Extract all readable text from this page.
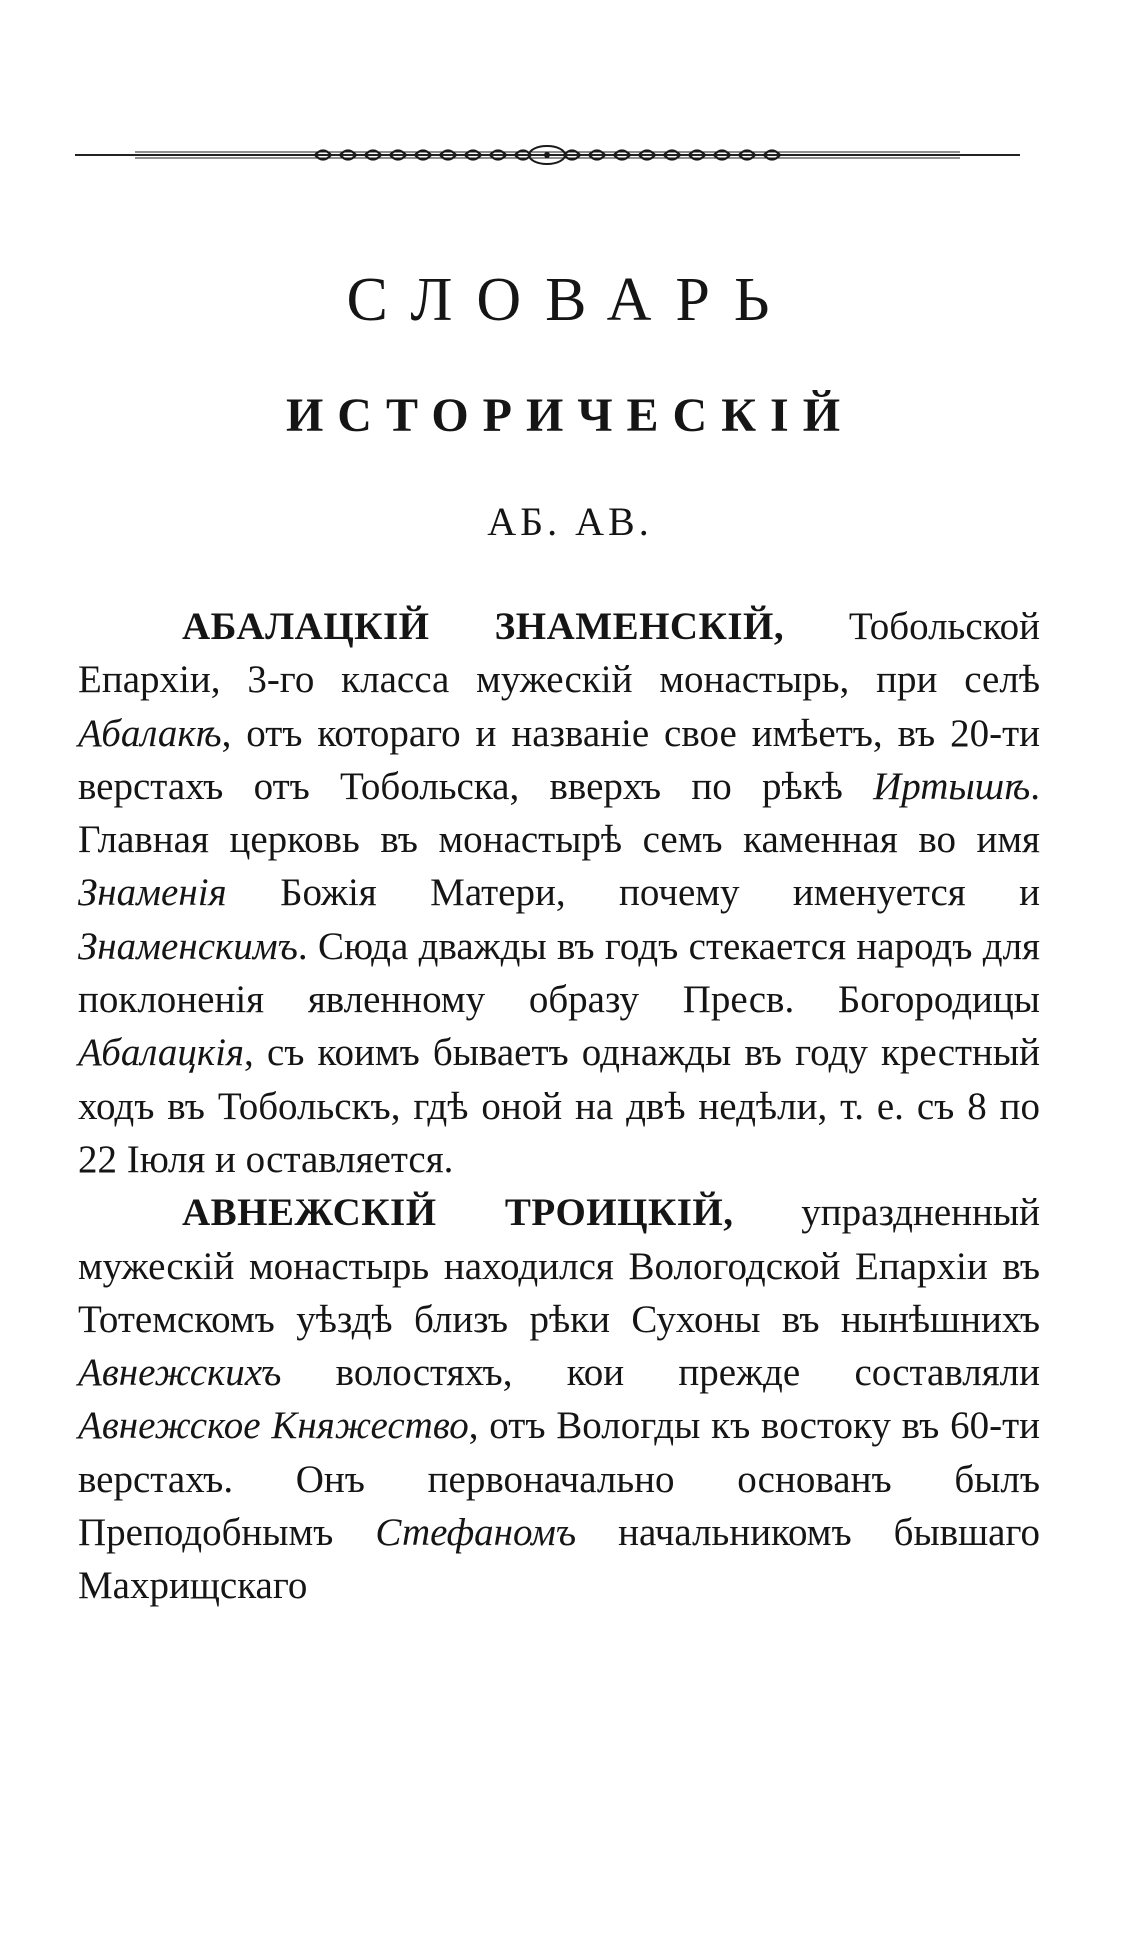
СЛОВАРЬ
ИСТОРИЧЕСКІЙ
АБ. АВ.

АБАЛАЦКІЙ ЗНАМЕНСКІЙ, Тобольской Епархіи, 3-го класса мужескій монастырь, при селѣ Абалакѣ, отъ котораго и названіе свое имѣетъ, въ 20-ти верстахъ отъ Тобольска, вверхъ по рѣкѣ Иртышѣ. Главная церковь въ монастырѣ семъ каменная во имя Знаменія Божія Матери, почему именуется и Знаменскимъ. Сюда дважды въ годъ стекается народъ для поклоненія явленному образу Пресв. Богородицы Абалацкія, съ коимъ бываетъ однажды въ году крестный ходъ въ Тобольскъ, гдѣ оной на двѣ недѣли, т. е. съ 8 по 22 Іюля и оставляется.

АВНЕЖСКІЙ ТРОИЦКІЙ, упраздненный мужескій монастырь находился Вологодской Епархіи въ Тотемскомъ уѣздѣ близъ рѣки Сухоны въ нынѣшнихъ Авнежскихъ волостяхъ, кои прежде составляли Авнежское Княжество, отъ Вологды къ востоку въ 60-ти верстахъ. Онъ первоначально основанъ былъ Преподобнымъ Стефаномъ начальникомъ бывшаго Махрищскаго
